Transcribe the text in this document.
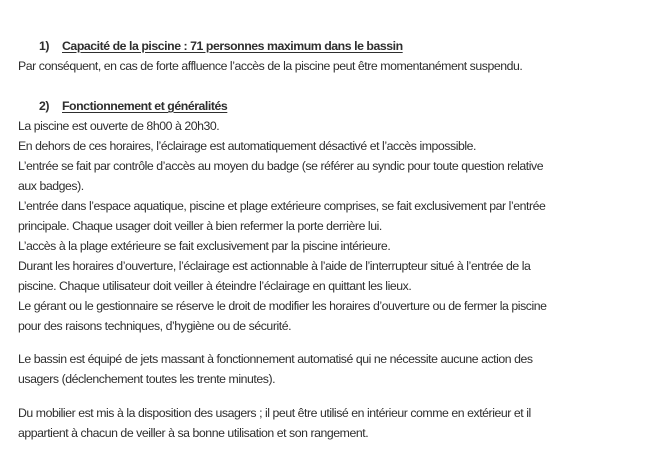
1) Capacité de la piscine : 71 personnes maximum dans le bassin
Par conséquent, en cas de forte affluence l’accès de la piscine peut être momentanément suspendu.
2) Fonctionnement et généralités
La piscine est ouverte de 8h00 à 20h30.
En dehors de ces horaires, l’éclairage est automatiquement désactivé et l’accès impossible.
L’entrée se fait par contrôle d’accès au moyen du badge (se référer au syndic pour toute question relative
aux badges).
L’entrée dans l’espace aquatique, piscine et plage extérieure comprises, se fait exclusivement par l’entrée
principale. Chaque usager doit veiller à bien refermer la porte derrière lui.
L’accès à la plage extérieure se fait exclusivement par la piscine intérieure.
Durant les horaires d’ouverture, l’éclairage est actionnable à l’aide de l’interrupteur situé à l’entrée de la
piscine. Chaque utilisateur doit veiller à éteindre l’éclairage en quittant les lieux.
Le gérant ou le gestionnaire se réserve le droit de modifier les horaires d’ouverture ou de fermer la piscine
pour des raisons techniques, d’hygiène ou de sécurité.
Le bassin est équipé de jets massant à fonctionnement automatisé qui ne nécessite aucune action des
usagers (déclenchement toutes les trente minutes).
Du mobilier est mis à la disposition des usagers ; il peut être utilisé en intérieur comme en extérieur et il
appartient à chacun de veiller à sa bonne utilisation et son rangement.
